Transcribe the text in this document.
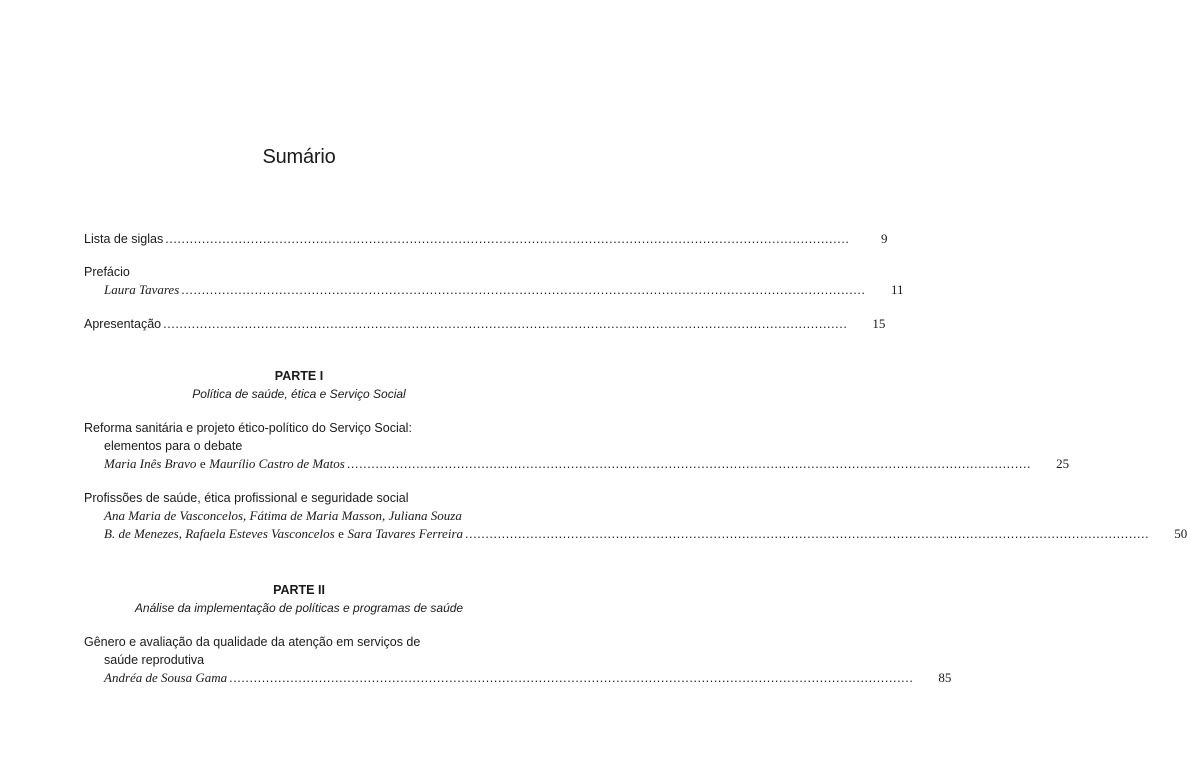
Sumário
Lista de siglas ........................................................................................................................................................................	9
Prefácio
Laura Tavares ........................................................................................................................................................................	11
Apresentação ........................................................................................................................................................................	15
PARTE I
Política de saúde, ética e Serviço Social
Reforma sanitária e projeto ético-político do Serviço Social:
elementos para o debate
Maria Inês Bravo e Maurílio Castro de Matos ........................................................................................................................................................................	25
Profissões de saúde, ética profissional e seguridade social
Ana Maria de Vasconcelos, Fátima de Maria Masson, Juliana Souza
B. de Menezes, Rafaela Esteves Vasconcelos e Sara Tavares Ferreira ........................................................................................................................................................................	50
PARTE II
Análise da implementação de políticas e programas de saúde
Gênero e avaliação da qualidade da atenção em serviços de
saúde reprodutiva
Andréa de Sousa Gama ........................................................................................................................................................................	85
